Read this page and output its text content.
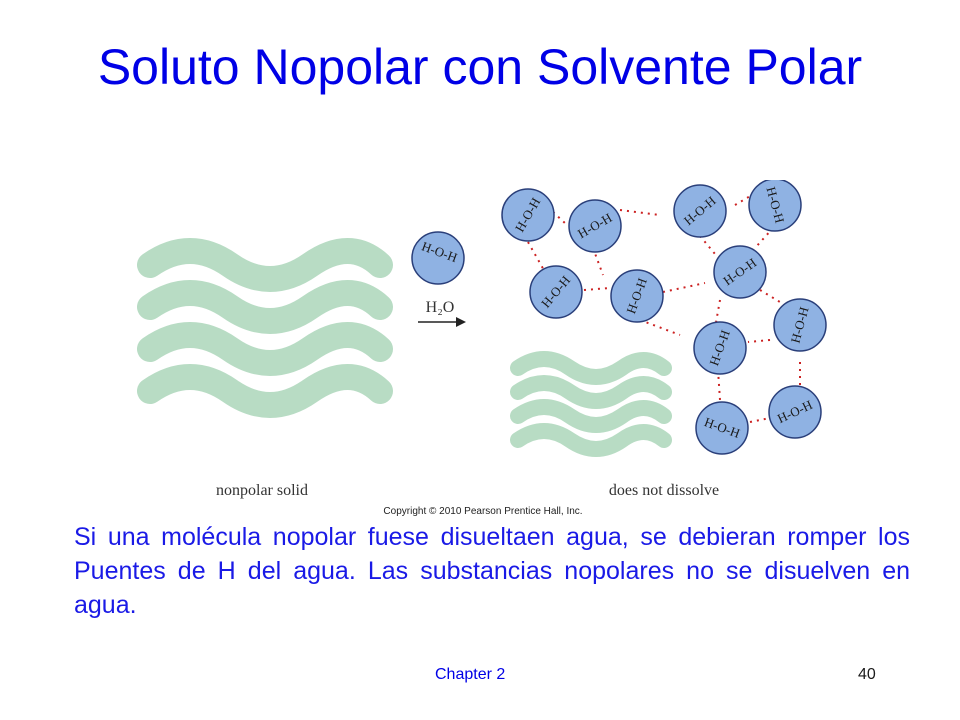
Soluto Nopolar con Solvente Polar
H-O-H
H₂O
H-O-H H-O-H	H-O-H	H-O-H
H-O-H	H-O-H
H-O-H
H-O-H
H-O-H
H-O-H
H-O-H
nonpolar solid	does not dissolve
Copyright © 2010 Pearson Prentice Hall, Inc.
Si una molécula nopolar fuese disueltaen agua, se debieran romper los Puentes de H del agua. Las substancias nopolares no se disuelven en agua.
Chapter 2	40
